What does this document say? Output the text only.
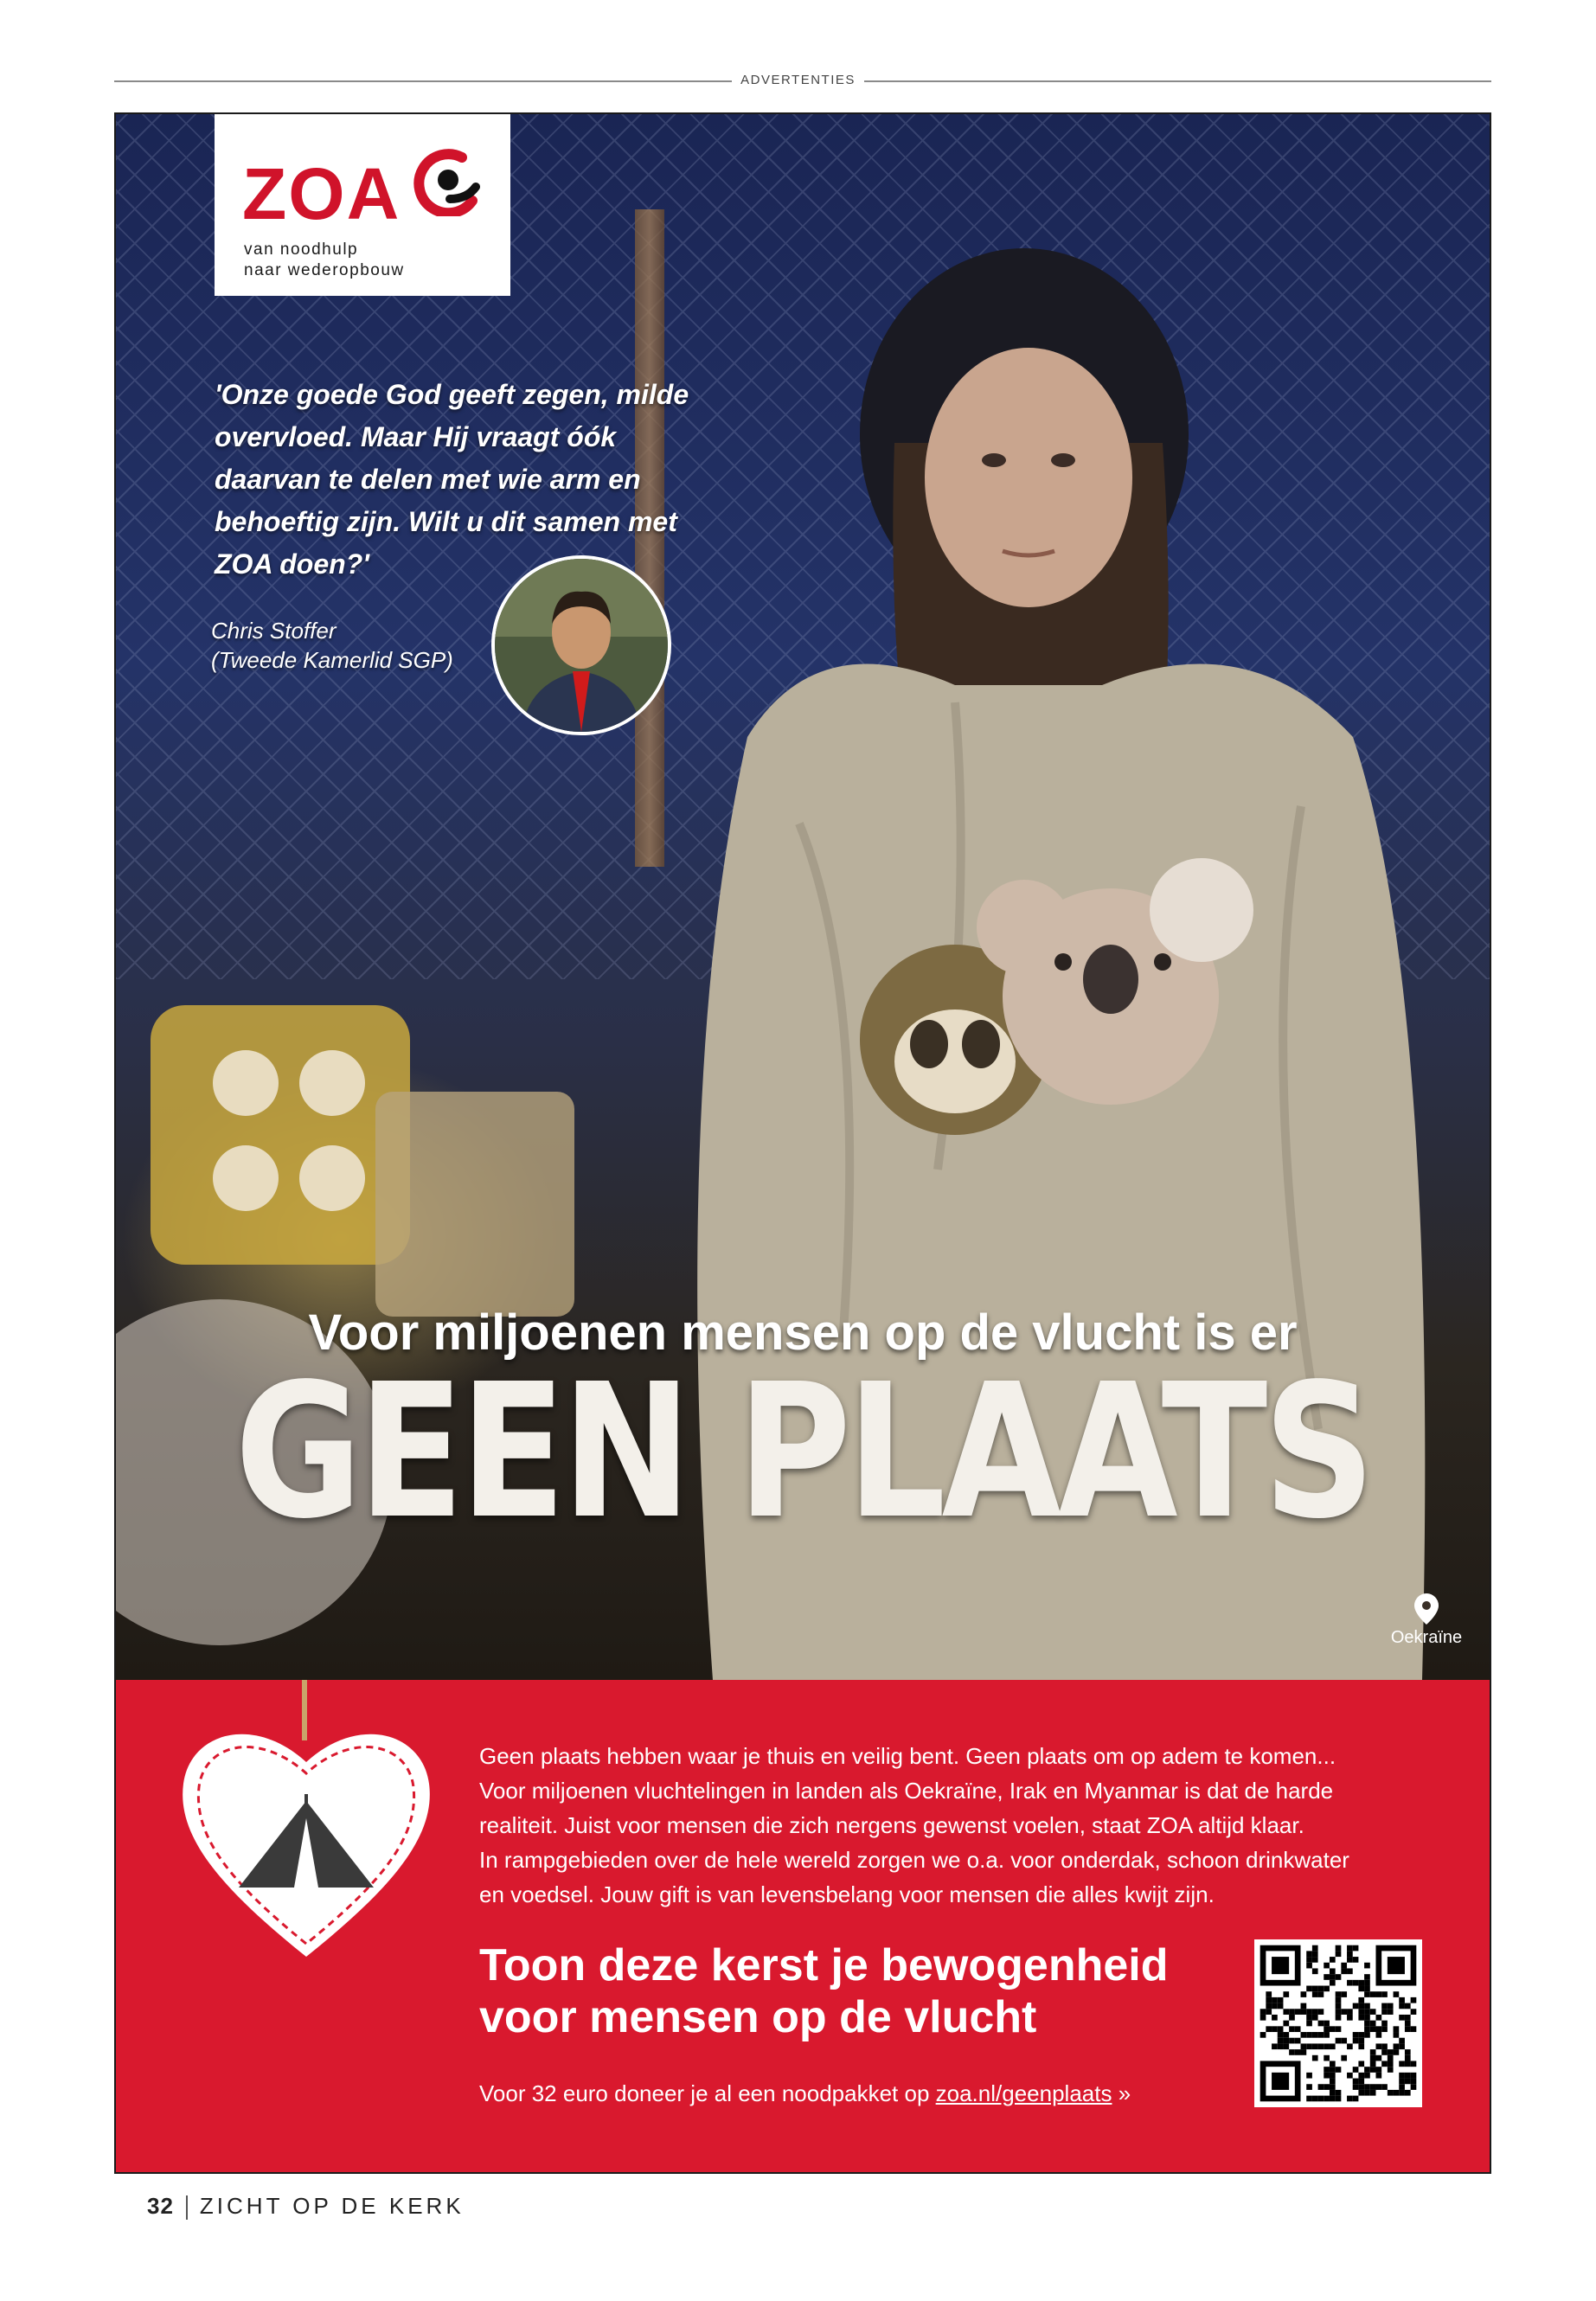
ADVERTENTIES
ZOA
van noodhulp
naar wederopbouw
'Onze goede God geeft zegen, milde overvloed. Maar Hij vraagt óók daarvan te delen met wie arm en behoeftig zijn. Wilt u dit samen met ZOA doen?'
Chris Stoffer
(Tweede Kamerlid SGP)
Voor miljoenen mensen op de vlucht is er
GEEN PLAATS
Oekraïne

Geen plaats hebben waar je thuis en veilig bent. Geen plaats om op adem te komen...

Voor miljoenen vluchtelingen in landen als Oekraïne, Irak en Myanmar is dat de harde

realiteit. Juist voor mensen die zich nergens gewenst voelen, staat ZOA altijd klaar.

In rampgebieden over de hele wereld zorgen we o.a. voor onderdak, schoon drinkwater

en voedsel. Jouw gift is van levensbelang voor mensen die alles kwijt zijn.

Toon deze kerst je bewogenheid
voor mensen op de vlucht
Voor 32 euro doneer je al een noodpakket op zoa.nl/geenplaats »
32 ZICHT OP DE KERK
